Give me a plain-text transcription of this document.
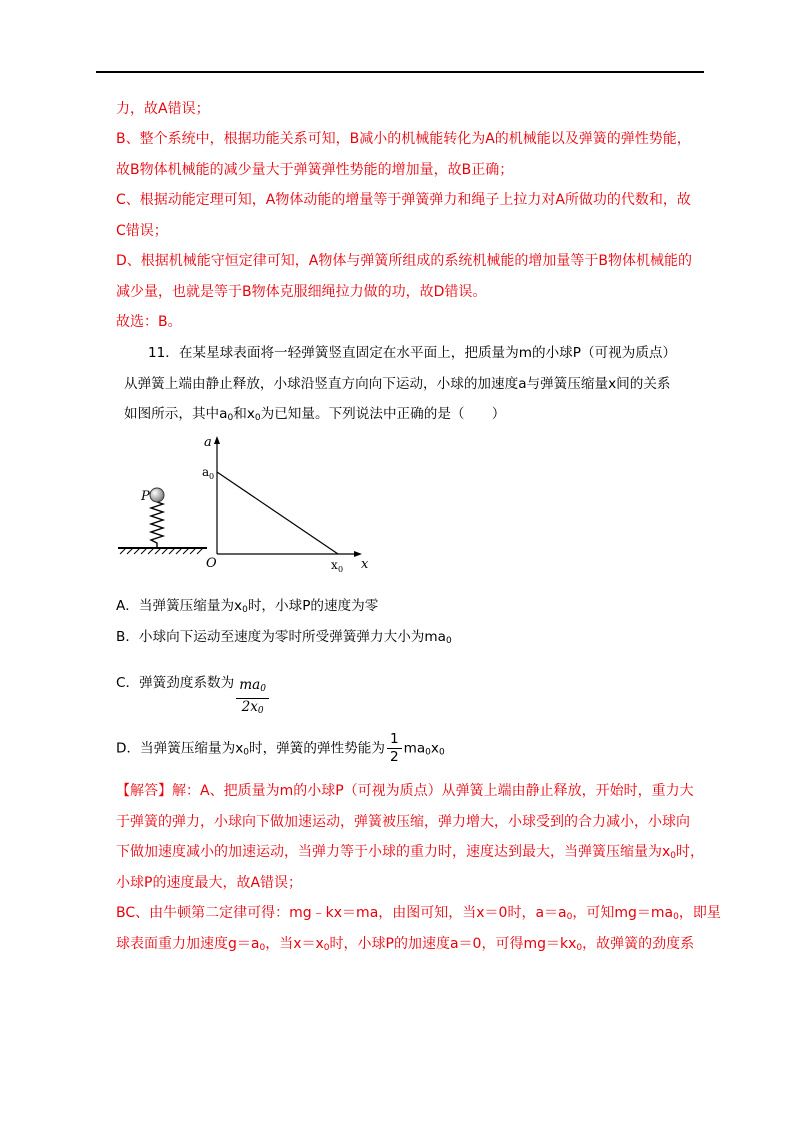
力，故A错误；
B、整个系统中，根据功能关系可知，B减小的机械能转化为A的机械能以及弹簧的弹性势能，
故B物体机械能的减少量大于弹簧弹性势能的增加量，故B正确；
C、根据动能定理可知，A物体动能的增量等于弹簧弹力和绳子上拉力对A所做功的代数和，故
C错误；
D、根据机械能守恒定律可知，A物体与弹簧所组成的系统机械能的增加量等于B物体机械能的
减少量，也就是等于B物体克服细绳拉力做的功，故D错误。
故选：B。
11．在某星球表面将一轻弹簧竖直固定在水平面上，把质量为m的小球P（可视为质点）
从弹簧上端由静止释放，小球沿竖直方向向下运动，小球的加速度a与弹簧压缩量x间的关系
如图所示，其中$a_0$和$x_0$为已知量。下列说法中正确的是（　　）
P
a
x
O
a 0
x 0
A．当弹簧压缩量为$x_0$时，小球P的速度为零
B．小球向下运动至速度为零时所受弹簧弹力大小为$ma_0$
C．弹簧劲度系数为 $\frac{ma_0}{2x_0}$
D．当弹簧压缩量为$x_0$时，弹簧的弹性势能为 $\frac{1}{2} ma_0x_0$
【解答】解：A、把质量为m的小球P（可视为质点）从弹簧上端由静止释放，开始时，重力大
于弹簧的弹力，小球向下做加速运动，弹簧被压缩，弹力增大，小球受到的合力减小，小球向
下做加速度减小的加速运动，当弹力等于小球的重力时，速度达到最大，当弹簧压缩量为$x_0$时，
小球P的速度最大，故A错误；
BC、由牛顿第二定律可得：mg﹣kx＝ma，由图可知，当x＝0时，$a=a_0$，可知$mg=ma_0$，即星
球表面重力加速度$g=a_0$，当$x=x_0$时，小球P的加速度a＝0，可得$mg=kx_0$，故弹簧的劲度系
